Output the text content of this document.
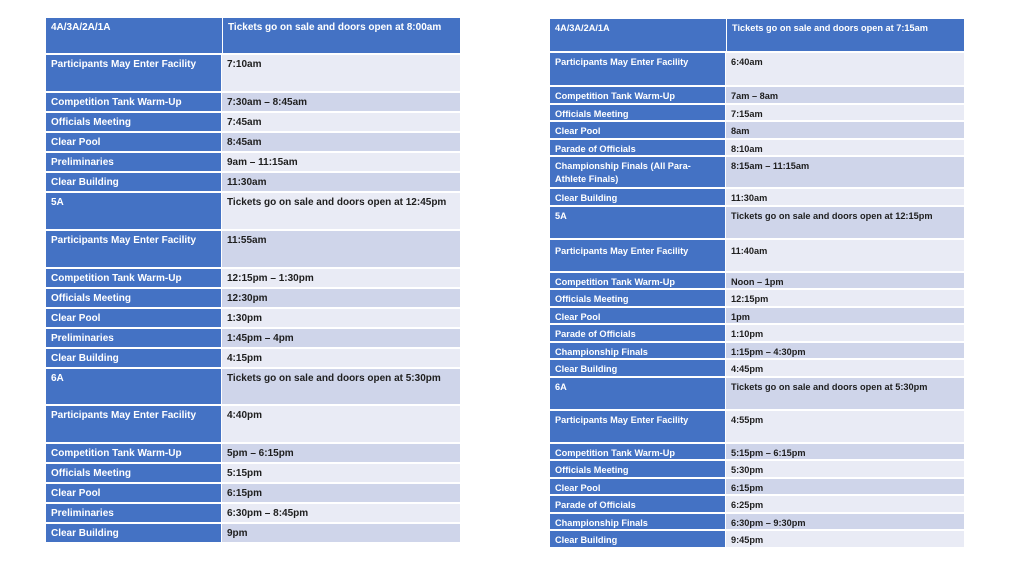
4A/3A/2A/1A	Tickets go on sale and doors open at 8:00am
Participants May Enter Facility	7:10am
Competition Tank Warm-Up	7:30am – 8:45am
Officials Meeting	7:45am
Clear Pool	8:45am
Preliminaries	9am – 11:15am
Clear Building	11:30am
5A	Tickets go on sale and doors open at 12:45pm
Participants May Enter Facility	11:55am
Competition Tank Warm-Up	12:15pm – 1:30pm
Officials Meeting	12:30pm
Clear Pool	1:30pm
Preliminaries	1:45pm – 4pm
Clear Building	4:15pm
6A	Tickets go on sale and doors open at 5:30pm
Participants May Enter Facility	4:40pm
Competition Tank Warm-Up	5pm – 6:15pm
Officials Meeting	5:15pm
Clear Pool	6:15pm
Preliminaries	6:30pm – 8:45pm
Clear Building	9pm
4A/3A/2A/1A	Tickets go on sale and doors open at 7:15am
Participants May Enter Facility	6:40am
Competition Tank Warm-Up	7am – 8am
Officials Meeting	7:15am
Clear Pool	8am
Parade of Officials	8:10am
Championship Finals (All Para-Athlete Finals)	8:15am – 11:15am
Clear Building	11:30am
5A	Tickets go on sale and doors open at 12:15pm
Participants May Enter Facility	11:40am
Competition Tank Warm-Up	Noon – 1pm
Officials Meeting	12:15pm
Clear Pool	1pm
Parade of Officials	1:10pm
Championship Finals	1:15pm – 4:30pm
Clear Building	4:45pm
6A	Tickets go on sale and doors open at 5:30pm
Participants May Enter Facility	4:55pm
Competition Tank Warm-Up	5:15pm – 6:15pm
Officials Meeting	5:30pm
Clear Pool	6:15pm
Parade of Officials	6:25pm
Championship Finals	6:30pm – 9:30pm
Clear Building	9:45pm
